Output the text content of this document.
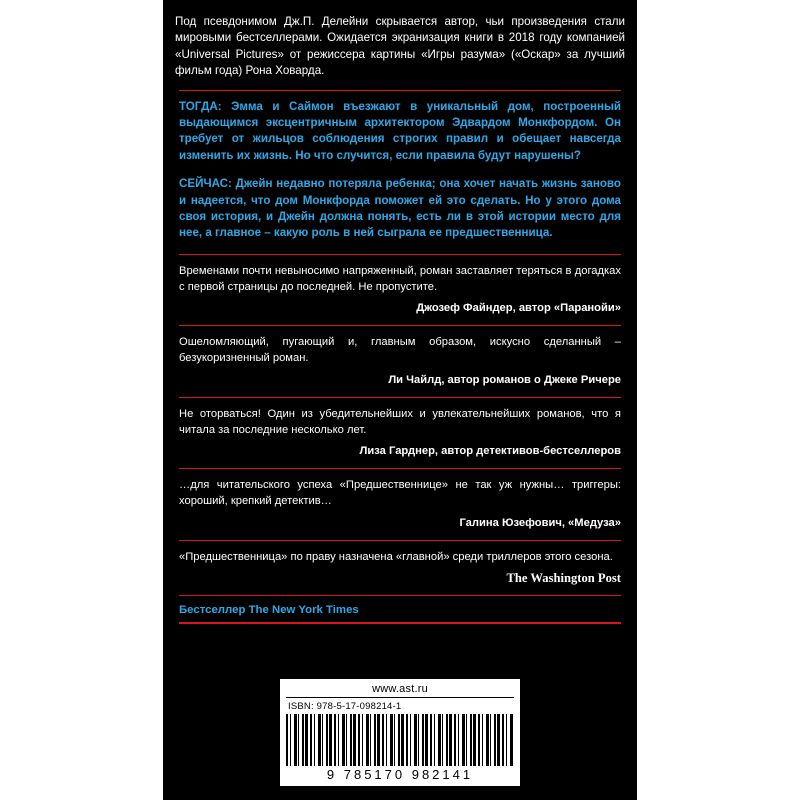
Под псевдонимом Дж.П. Делейни скрывается автор, чьи произведения стали мировыми бестселлерами. Ожидается экранизация книги в 2018 году компанией «Universal Pictures» от режиссера картины «Игры разума» («Оскар» за лучший фильм года) Рона Ховарда.
ТОГДА: Эмма и Саймон въезжают в уникальный дом, построенный выдающимся эксцентричным архитектором Эдвардом Монкфордом. Он требует от жильцов соблюдения строгих правил и обещает навсегда изменить их жизнь. Но что случится, если правила будут нарушены?
СЕЙЧАС: Джейн недавно потеряла ребенка; она хочет начать жизнь заново и надеется, что дом Монкфорда поможет ей это сделать. Но у этого дома своя история, и Джейн должна понять, есть ли в этой истории место для нее, а главное – какую роль в ней сыграла ее предшественница.
Временами почти невыносимо напряженный, роман заставляет теряться в догадках с первой страницы до последней. Не пропустите.
Джозеф Файндер, автор «Паранойи»
Ошеломляющий, пугающий и, главным образом, искусно сделанный – безукоризненный роман.
Ли Чайлд, автор романов о Джеке Ричере
Не оторваться! Один из убедительнейших и увлекательнейших романов, что я читала за последние несколько лет.
Лиза Гарднер, автор детективов-бестселлеров
…для читательского успеха «Предшественнице» не так уж нужны… триггеры: хороший, крепкий детектив…
Галина Юзефович, «Медуза»
«Предшественница» по праву назначена «главной» среди триллеров этого сезона.
The Washington Post
Бестселлер The New York Times
www.ast.ru
ISBN: 978-5-17-098214-1
9 785170 982141
